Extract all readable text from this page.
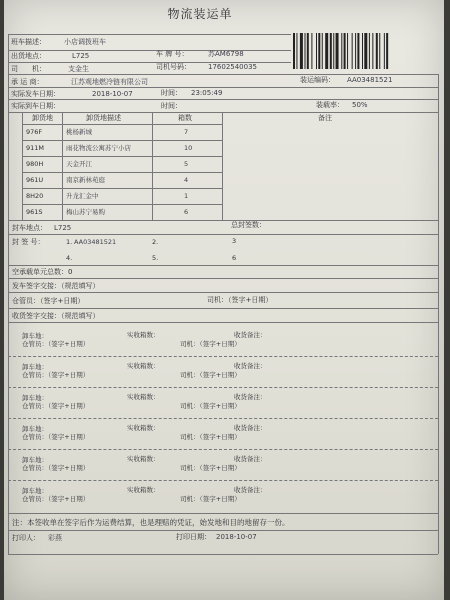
物流装运单
班车描述：	小店调拨班车
出货地点：	L725	车 牌 号：	苏AM6798
司　　机：	支金生	司机号码： 17602540035
承 运 商：	江苏观地燃冷链有限公司	装运编码： AA03481521
实际发车日期：	2018-10-07	时间： 23:05:49
实际到车日期：	时间：	装载率： 50%
卸货地	卸货地描述	箱数	备注
976F	桃杨新城	7
911M	雨花物流公寓苏宁小店	10
980H	天金开江	5
961U	南京新林苑庭	4
8H20	升龙汇金中	1
961S	梅山苏宁易购	6
封车地点： L725	总封签数：
封 签 号：	1. AA03481521	2.	3
4.	5.	6
空承载单元总数：0
发车签字交接：（规范填写）
仓管员：（签字+日期）	司机：（签字+日期）
收货签字交接：（规范填写）
卸车地：
仓管员：（签字+日期）
实收箱数：
司机：（签字+日期）
收货备注：
卸车地：
仓管员：（签字+日期）
实收箱数：
司机：（签字+日期）
收货备注：
卸车地：
仓管员：（签字+日期）
实收箱数：
司机：（签字+日期）
收货备注：
卸车地：
仓管员：（签字+日期）
实收箱数：
司机：（签字+日期）
收货备注：
卸车地：
仓管员：（签字+日期）
实收箱数：
司机：（签字+日期）
收货备注：
卸车地：
仓管员：（签字+日期）
实收箱数：
司机：（签字+日期）
收货备注：
注：本签收单在签字后作为运费结算，也是理赔的凭证，始发地和目的地留存一份。
打印人： 彩燕	打印日期： 2018-10-07
